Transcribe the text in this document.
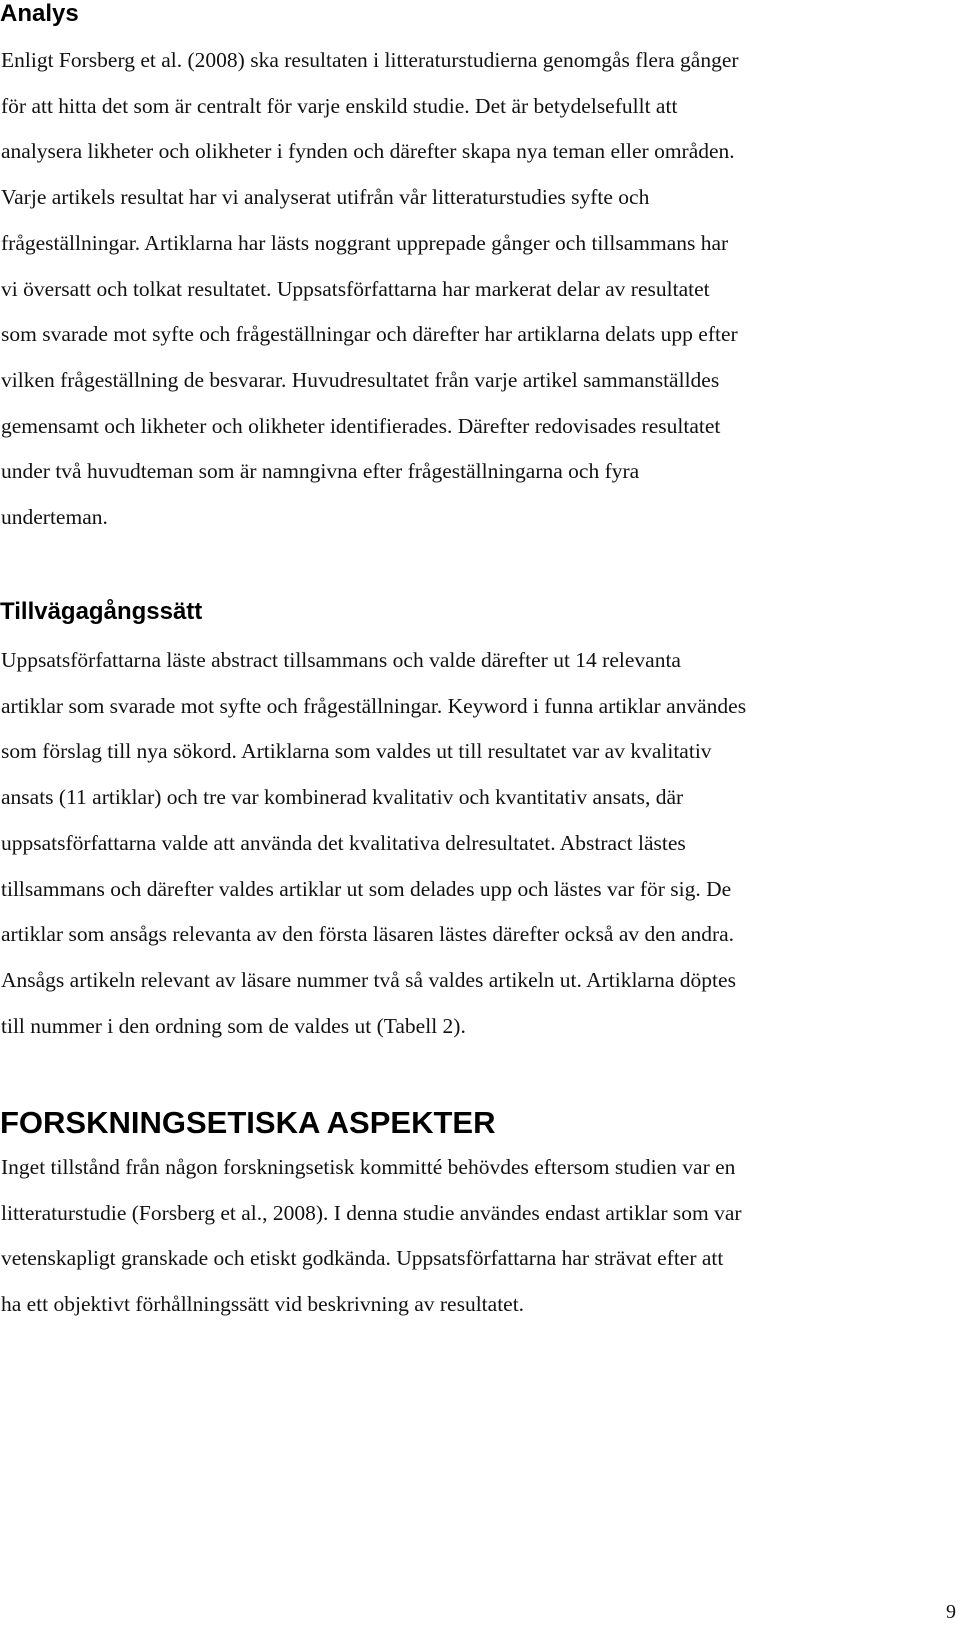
Analys
Enligt Forsberg et al. (2008) ska resultaten i litteraturstudierna genomgås flera gånger
för att hitta det som är centralt för varje enskild studie. Det är betydelsefullt att
analysera likheter och olikheter i fynden och därefter skapa nya teman eller områden.
Varje artikels resultat har vi analyserat utifrån vår litteraturstudies syfte och
frågeställningar. Artiklarna har lästs noggrant upprepade gånger och tillsammans har
vi översatt och tolkat resultatet. Uppsatsförfattarna har markerat delar av resultatet
som svarade mot syfte och frågeställningar och därefter har artiklarna delats upp efter
vilken frågeställning de besvarar. Huvudresultatet från varje artikel sammanställdes
gemensamt och likheter och olikheter identifierades. Därefter redovisades resultatet
under två huvudteman som är namngivna efter frågeställningarna och fyra
underteman.
Tillvägagångssätt
Uppsatsförfattarna läste abstract tillsammans och valde därefter ut 14 relevanta
artiklar som svarade mot syfte och frågeställningar. Keyword i funna artiklar användes
som förslag till nya sökord. Artiklarna som valdes ut till resultatet var av kvalitativ
ansats (11 artiklar) och tre var kombinerad kvalitativ och kvantitativ ansats, där
uppsatsförfattarna valde att använda det kvalitativa delresultatet. Abstract lästes
tillsammans och därefter valdes artiklar ut som delades upp och lästes var för sig. De
artiklar som ansågs relevanta av den första läsaren lästes därefter också av den andra.
Ansågs artikeln relevant av läsare nummer två så valdes artikeln ut. Artiklarna döptes
till nummer i den ordning som de valdes ut (Tabell 2).
FORSKNINGSETISKA ASPEKTER
Inget tillstånd från någon forskningsetisk kommitté behövdes eftersom studien var en
litteraturstudie (Forsberg et al., 2008). I denna studie användes endast artiklar som var
vetenskapligt granskade och etiskt godkända. Uppsatsförfattarna har strävat efter att
ha ett objektivt förhållningssätt vid beskrivning av resultatet.
9
